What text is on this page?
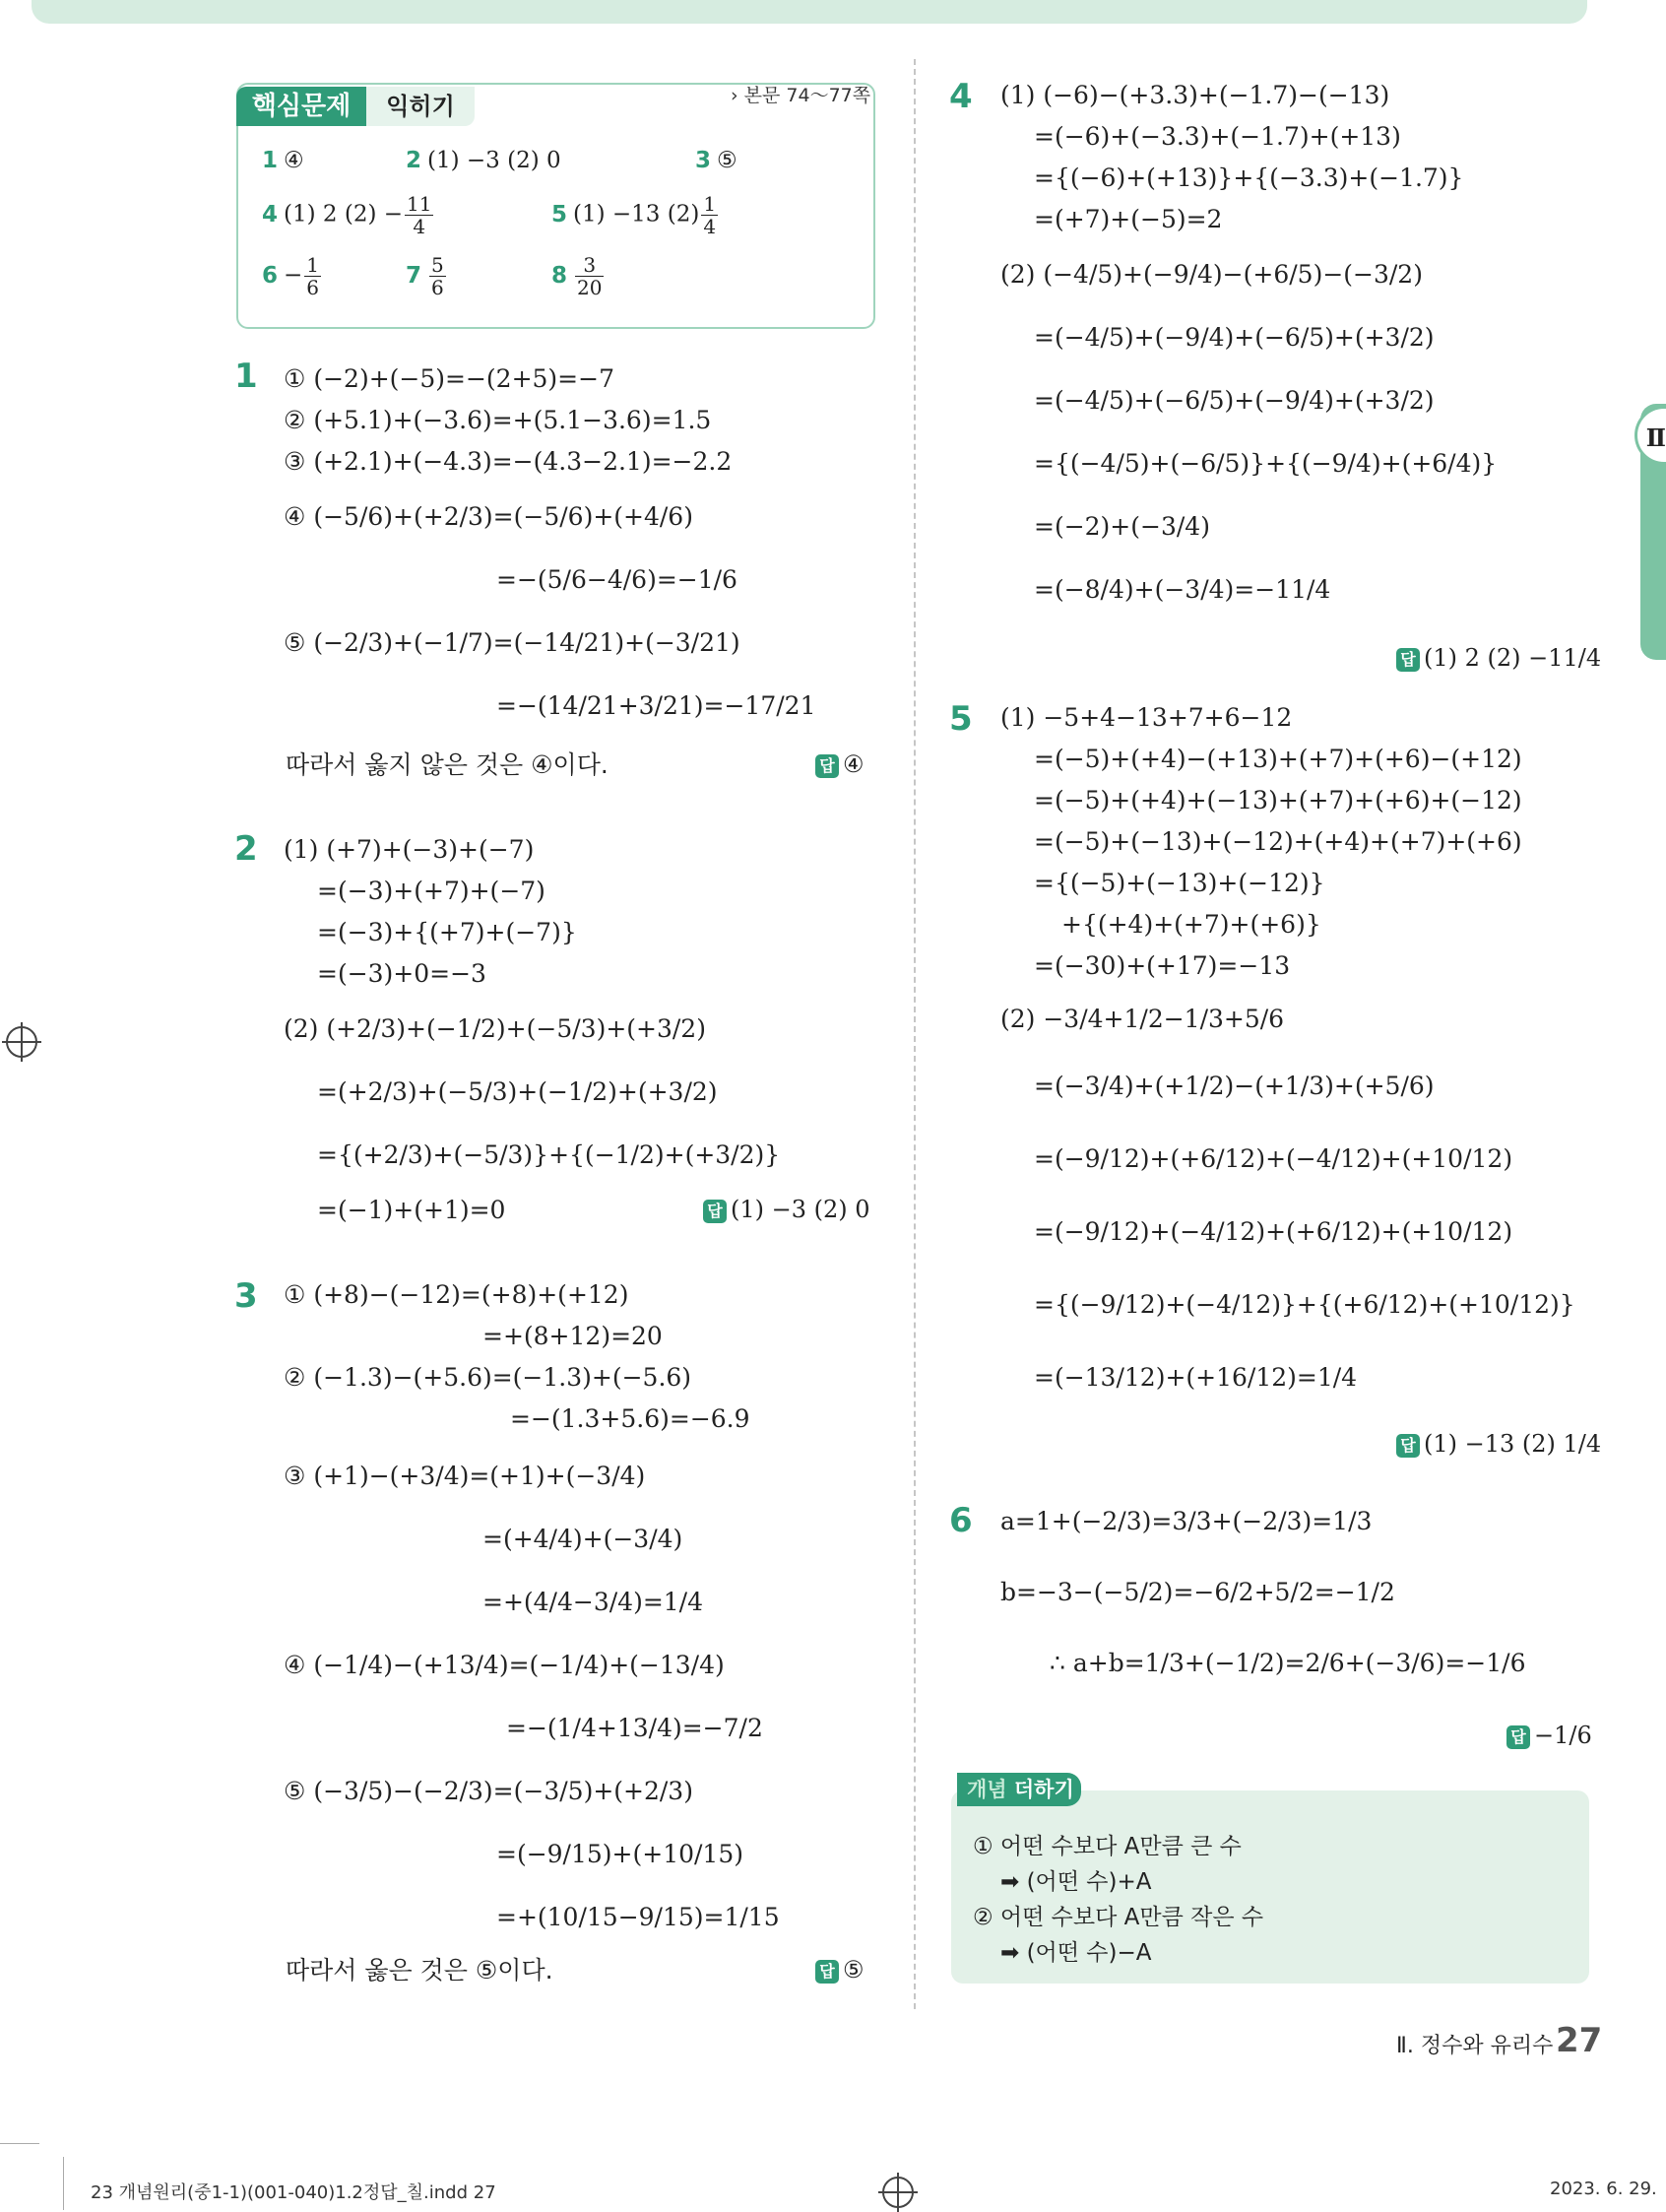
핵심문제	익히기	› 본문 74～77쪽
1 ④	2 (1) −3 (2) 0	3 ⑤
4 (1) 2 $(2) - \frac{11}{4}$	5 (1) −13 $(2) \frac{1}{4}$
$6 - \frac{1}{6}$	$7 \frac{5}{6}$	$8 \frac{3}{20}$
1 ① (−2)+(−5)=−(2+5)=−7
② (+5.1)+(−3.6)=+(5.1−3.6)=1.5
③ (+2.1)+(−4.3)=−(4.3−2.1)=−2.2
④ (−5/6)+(+2/3)=(−5/6)+(+4/6)
=−(5/6−4/6)=−1/6
⑤ (−2/3)+(−1/7)=(−14/21)+(−3/21)
=−(14/21+3/21)=−17/21
따라서 옳지 않은 것은 ④이다.	답 ④
2 (1) (+7)+(−3)+(−7)
=(−3)+(+7)+(−7)
=(−3)+{(+7)+(−7)}
=(−3)+0=−3
(2) (+2/3)+(−1/2)+(−5/3)+(+3/2)
=(+2/3)+(−5/3)+(−1/2)+(+3/2)
={(+2/3)+(−5/3)}+{(−1/2)+(+3/2)}
=(−1)+(+1)=0	답 (1) −3 (2) 0
3 ① (+8)−(−12)=(+8)+(+12)
=+(8+12)=20
② (−1.3)−(+5.6)=(−1.3)+(−5.6)
=−(1.3+5.6)=−6.9
③ (+1)−(+3/4)=(+1)+(−3/4)
=(+4/4)+(−3/4)
=+(4/4−3/4)=1/4
④ (−1/4)−(+13/4)=(−1/4)+(−13/4)
=−(1/4+13/4)=−7/2
⑤ (−3/5)−(−2/3)=(−3/5)+(+2/3)
=(−9/15)+(+10/15)
=+(10/15−9/15)=1/15
따라서 옳은 것은 ⑤이다.	답 ⑤
4 (1) (−6)−(+3.3)+(−1.7)−(−13)
=(−6)+(−3.3)+(−1.7)+(+13)
={(−6)+(+13)}+{(−3.3)+(−1.7)}
=(+7)+(−5)=2
(2) (−4/5)+(−9/4)−(+6/5)−(−3/2)
=(−4/5)+(−9/4)+(−6/5)+(+3/2)
=(−4/5)+(−6/5)+(−9/4)+(+3/2)
={(−4/5)+(−6/5)}+{(−9/4)+(+6/4)}
=(−2)+(−3/4)
=(−8/4)+(−3/4)=−11/4
답 (1) 2 (2) −11/4
5 (1) −5+4−13+7+6−12
=(−5)+(+4)−(+13)+(+7)+(+6)−(+12)
=(−5)+(+4)+(−13)+(+7)+(+6)+(−12)
=(−5)+(−13)+(−12)+(+4)+(+7)+(+6)
={(−5)+(−13)+(−12)}
+{(+4)+(+7)+(+6)}
=(−30)+(+17)=−13
(2) −3/4+1/2−1/3+5/6
=(−3/4)+(+1/2)−(+1/3)+(+5/6)
=(−9/12)+(+6/12)+(−4/12)+(+10/12)
=(−9/12)+(−4/12)+(+6/12)+(+10/12)
={(−9/12)+(−4/12)}+{(+6/12)+(+10/12)}
=(−13/12)+(+16/12)=1/4
답 (1) −13 (2) 1/4
6 a=1+(−2/3)=3/3+(−2/3)=1/3
b=−3−(−5/2)=−6/2+5/2=−1/2
∴ a+b=1/3+(−1/2)=2/6+(−3/6)=−1/6
답 −1/6
개념 더하기
① 어떤 수보다 A만큼 큰 수
➡ (어떤 수)+A
② 어떤 수보다 A만큼 작은 수
➡ (어떤 수)−A
Ⅱ
Ⅱ. 정수와 유리수 27
23 개념원리(중1-1)(001-040)1.2정답_칠.indd 27	2023. 6. 29.
